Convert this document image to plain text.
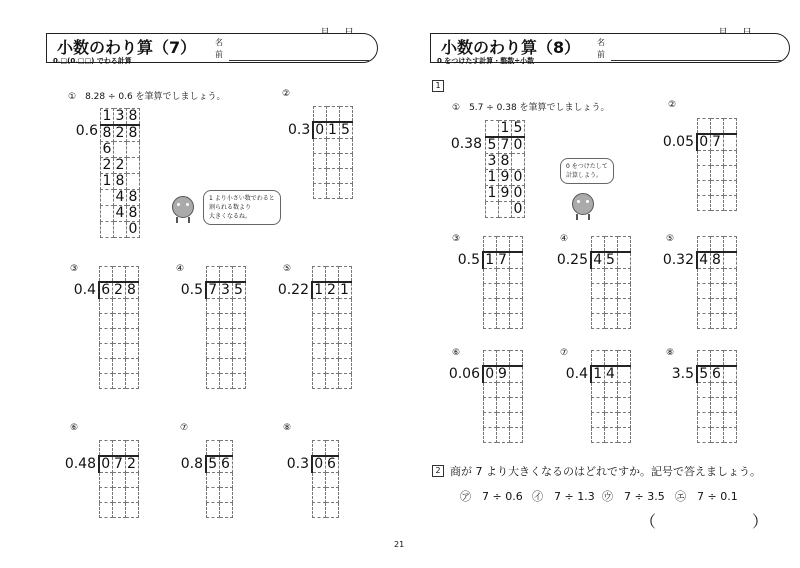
小数のわり算（7）
0.□(0.□□) でわる計算
名
前
①　8.28 ÷ 0.6 を筆算でしましょう。
0.6
1	3	8
8	2	8
6		
2	2	
1	8	
	4	8
	4	8
		0
1 より小さい数でわると
割られる数より
大きくなるね。
②
0.3
		0	1	5

③
0.4
		6	2	8

④
0.5
		7	3	5

⑤
0.22
		1	2	1

⑥
0.48
		0	7	2

⑦
0.8
	5	6

⑧
0.3
	0	6

小数のわり算（8）
0 をつけたす計算・整数÷小数
名
前
1
①　5.7 ÷ 0.38 を筆算でしましょう。
0.38
	1	5
5	7	0
3	8	
1	9	0
1	9	0
		0
0 をつけたして
計算しよう。
②
0.05
		0	7	

③
0.5
		1	7	

④
0.25
		4	5	

⑤
0.32
		4	8	

⑥
0.06
		0	9	

⑦
0.4
		1	4	

⑧
3.5
		5	6	

2 商が 7 より大きくなるのはどれですか。記号で答えましょう。
㋐　7 ÷ 0.6 ㋑　7 ÷ 1.3 ㋒　7 ÷ 3.5 ㋓　7 ÷ 0.1
（	）
21
